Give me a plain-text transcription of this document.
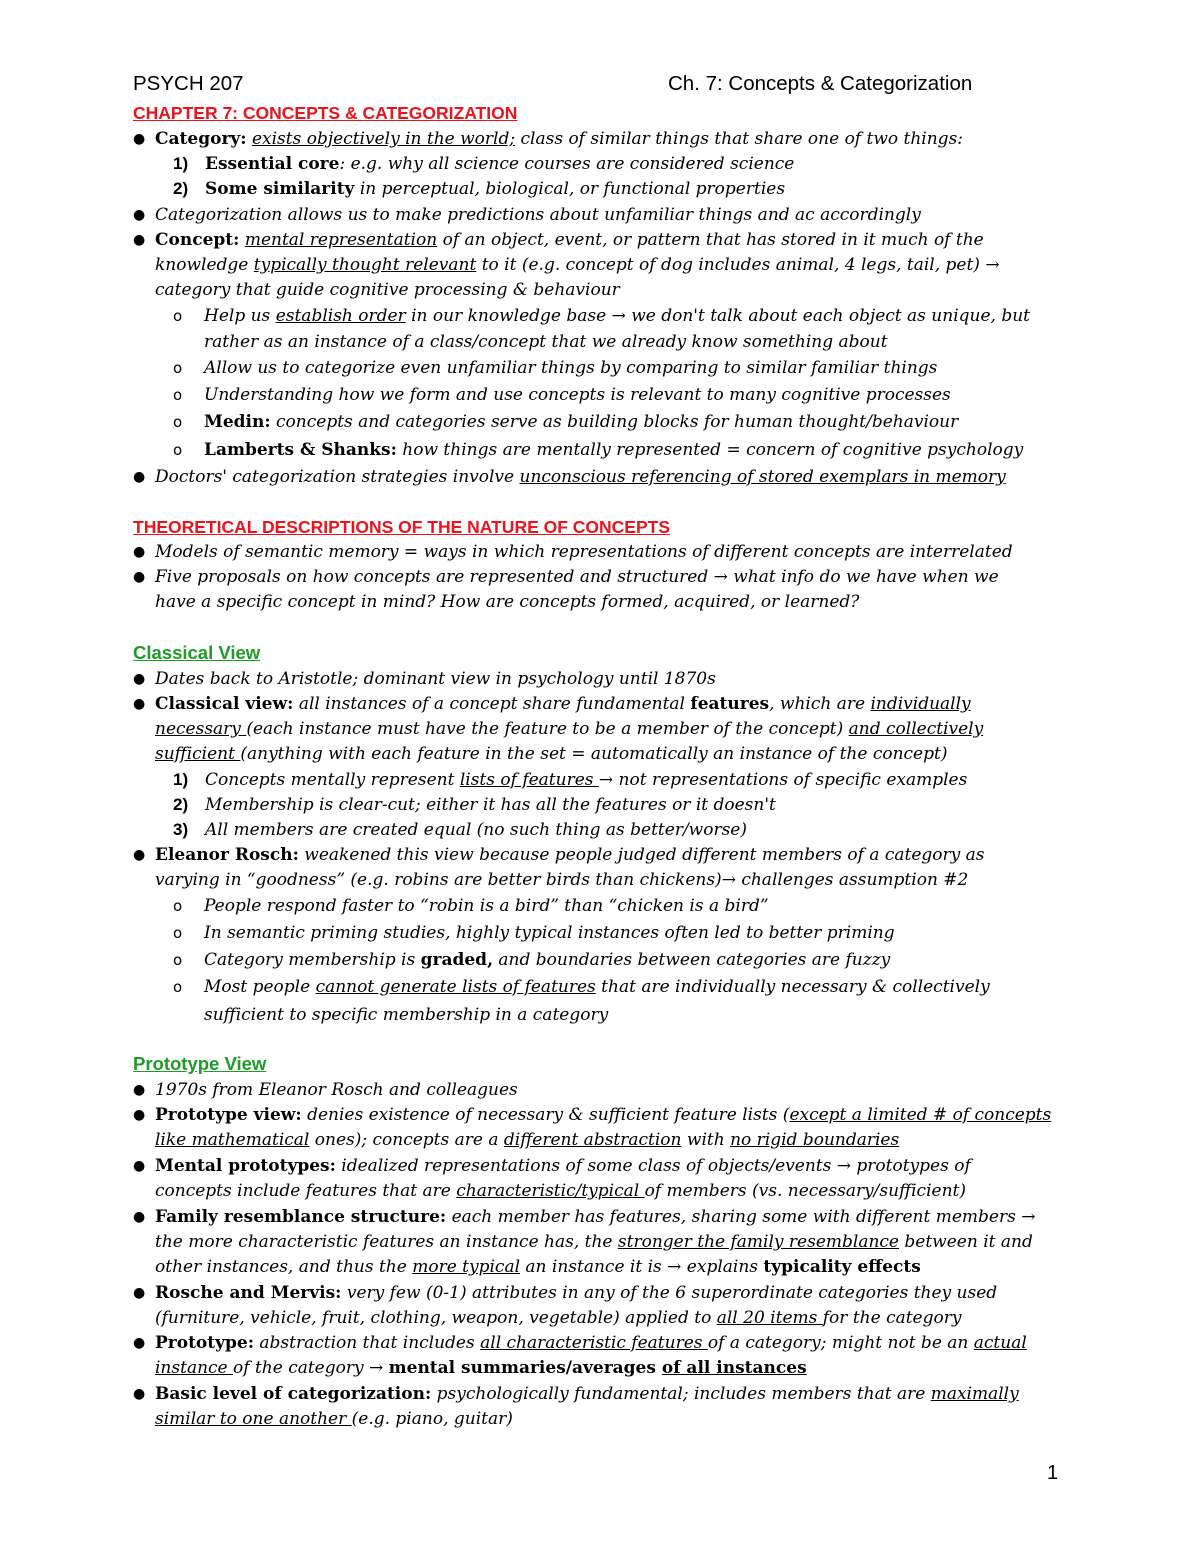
PSYCH 207	Ch. 7: Concepts & Categorization
CHAPTER 7: CONCEPTS & CATEGORIZATION
● Category: exists objectively in the world; class of similar things that share one of two things:
1) Essential core: e.g. why all science courses are considered science
2) Some similarity in perceptual, biological, or functional properties
● Categorization allows us to make predictions about unfamiliar things and ac accordingly
● Concept: mental representation of an object, event, or pattern that has stored in it much of the
knowledge typically thought relevant to it (e.g. concept of dog includes animal, 4 legs, tail, pet) →
category that guide cognitive processing & behaviour
o Help us establish order in our knowledge base → we don't talk about each object as unique, but
rather as an instance of a class/concept that we already know something about
o Allow us to categorize even unfamiliar things by comparing to similar familiar things
o Understanding how we form and use concepts is relevant to many cognitive processes
o Medin: concepts and categories serve as building blocks for human thought/behaviour
o Lamberts & Shanks: how things are mentally represented = concern of cognitive psychology
● Doctors' categorization strategies involve unconscious referencing of stored exemplars in memory
THEORETICAL DESCRIPTIONS OF THE NATURE OF CONCEPTS
● Models of semantic memory = ways in which representations of different concepts are interrelated
● Five proposals on how concepts are represented and structured → what info do we have when we
have a specific concept in mind? How are concepts formed, acquired, or learned?
Classical View
● Dates back to Aristotle; dominant view in psychology until 1870s
● Classical view: all instances of a concept share fundamental features, which are individually
necessary (each instance must have the feature to be a member of the concept) and collectively
sufficient (anything with each feature in the set = automatically an instance of the concept)
1) Concepts mentally represent lists of features → not representations of specific examples
2) Membership is clear-cut; either it has all the features or it doesn't
3) All members are created equal (no such thing as better/worse)
● Eleanor Rosch: weakened this view because people judged different members of a category as
varying in “goodness” (e.g. robins are better birds than chickens)→ challenges assumption #2
o People respond faster to “robin is a bird” than “chicken is a bird”
o In semantic priming studies, highly typical instances often led to better priming
o Category membership is graded, and boundaries between categories are fuzzy
o Most people cannot generate lists of features that are individually necessary & collectively
sufficient to specific membership in a category
Prototype View
● 1970s from Eleanor Rosch and colleagues
● Prototype view: denies existence of necessary & sufficient feature lists (except a limited # of concepts
like mathematical ones); concepts are a different abstraction with no rigid boundaries
● Mental prototypes: idealized representations of some class of objects/events → prototypes of
concepts include features that are characteristic/typical of members (vs. necessary/sufficient)
● Family resemblance structure: each member has features, sharing some with different members →
the more characteristic features an instance has, the stronger the family resemblance between it and
other instances, and thus the more typical an instance it is → explains typicality effects
● Rosche and Mervis: very few (0-1) attributes in any of the 6 superordinate categories they used
(furniture, vehicle, fruit, clothing, weapon, vegetable) applied to all 20 items for the category
● Prototype: abstraction that includes all characteristic features of a category; might not be an actual
instance of the category → mental summaries/averages of all instances
● Basic level of categorization: psychologically fundamental; includes members that are maximally
similar to one another (e.g. piano, guitar)
1
